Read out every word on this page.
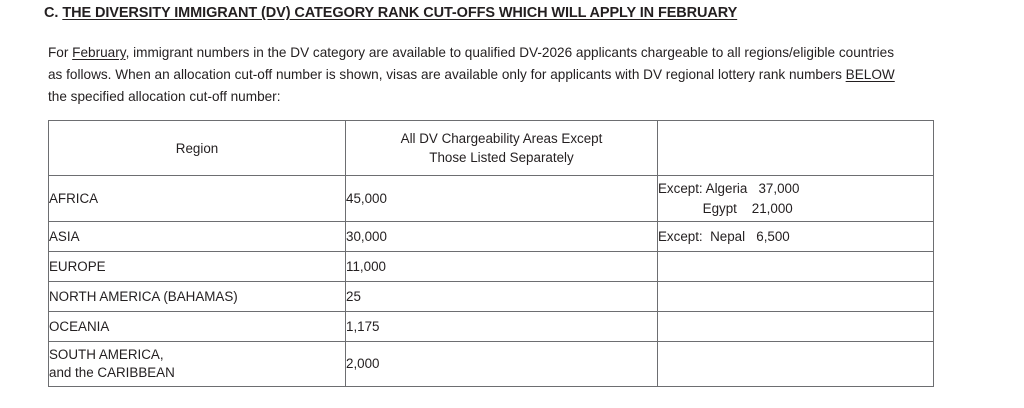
C. THE DIVERSITY IMMIGRANT (DV) CATEGORY RANK CUT-OFFS WHICH WILL APPLY IN FEBRUARY
For February, immigrant numbers in the DV category are available to qualified DV-2026 applicants chargeable to all regions/eligible countries as follows. When an allocation cut-off number is shown, visas are available only for applicants with DV regional lottery rank numbers BELOW the specified allocation cut-off number:
Region	All DV Chargeability Areas Except
Those Listed Separately	
AFRICA	45,000	Except: Algeria   37,000
Egypt    21,000

ASIA	30,000	Except:  Nepal   6,500

EUROPE	11,000	
NORTH AMERICA (BAHAMAS)	25	
OCEANIA	1,175	

SOUTH AMERICA,
and the CARIBBEAN	2,000	
